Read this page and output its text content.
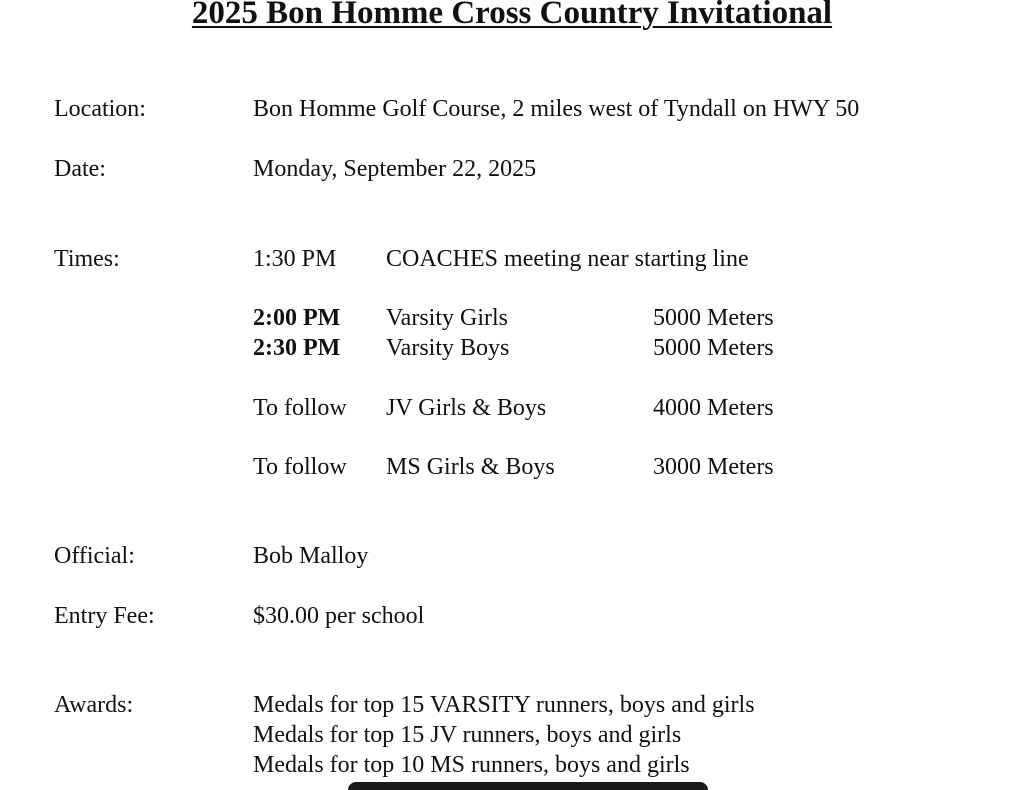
2025 Bon Homme Cross Country Invitational
Location:	Bon Homme Golf Course, 2 miles west of Tyndall on HWY 50
Date:	Monday, September 22, 2025
Times:	1:30 PM COACHES meeting near starting line
2:00 PM Varsity Girls	5000 Meters
2:30 PM Varsity Boys	5000 Meters
To follow JV Girls & Boys	4000 Meters
To follow MS Girls & Boys	3000 Meters
Official:	Bob Malloy
Entry Fee:	$30.00 per school
Awards:	Medals for top 15 VARSITY runners, boys and girls
Medals for top 15 JV runners, boys and girls
Medals for top 10 MS runners, boys and girls
